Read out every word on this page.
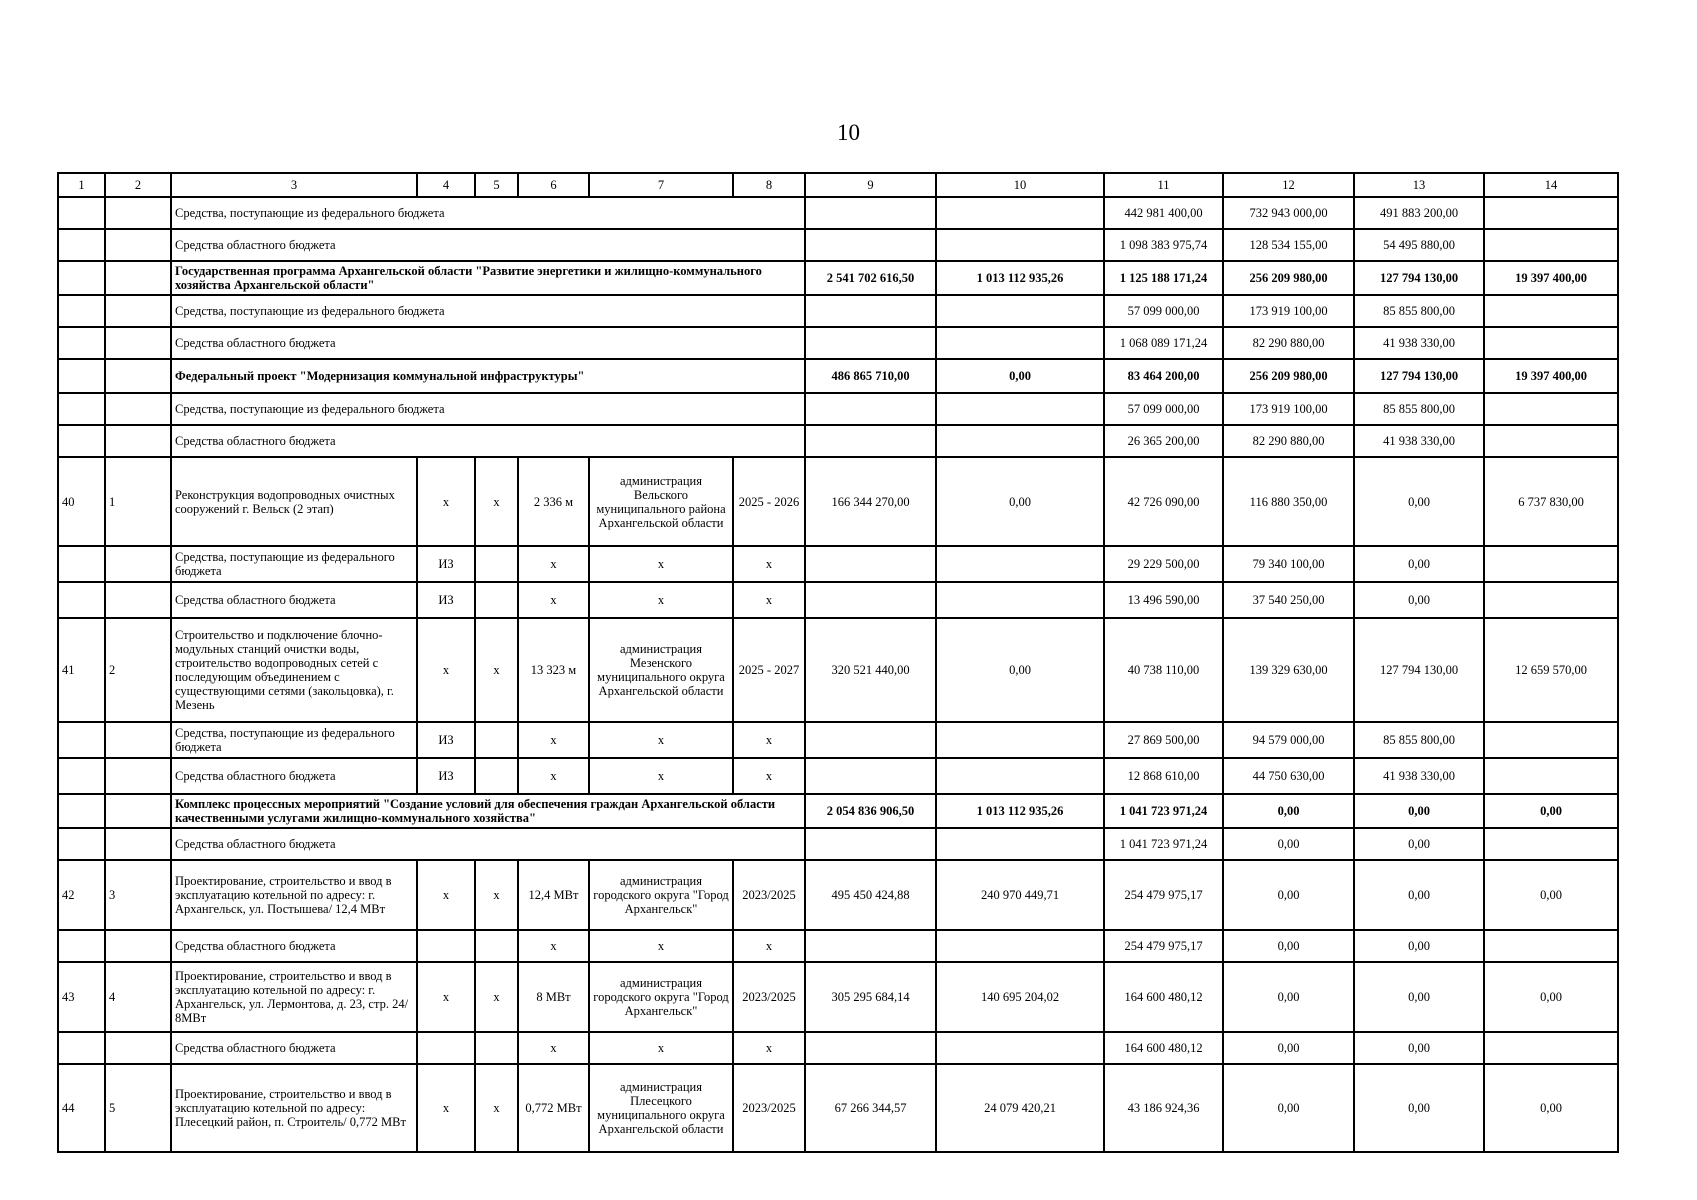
10
1	2	3	4	5	6	7	8	9	10	11	12	13	14
		Средства, поступающие из федерального бюджета								442 981 400,00	732 943 000,00	491 883 200,00	
		Средства областного бюджета								1 098 383 975,74	128 534 155,00	54 495 880,00	
		Государственная программа Архангельской области "Развитие энергетики и жилищно-коммунального хозяйства Архангельской области"						2 541 702 616,50	1 013 112 935,26	1 125 188 171,24	256 209 980,00	127 794 130,00	19 397 400,00
		Средства, поступающие из федерального бюджета								57 099 000,00	173 919 100,00	85 855 800,00	
		Средства областного бюджета								1 068 089 171,24	82 290 880,00	41 938 330,00	
		Федеральный проект "Модернизация коммунальной инфраструктуры"						486 865 710,00	0,00	83 464 200,00	256 209 980,00	127 794 130,00	19 397 400,00
		Средства, поступающие из федерального бюджета								57 099 000,00	173 919 100,00	85 855 800,00	
		Средства областного бюджета								26 365 200,00	82 290 880,00	41 938 330,00	
40	1	Реконструкция водопроводных очистных сооружений г. Вельск (2 этап)	x	x	2 336 м	администрация Вельского муниципального района Архангельской области	2025 - 2026	166 344 270,00	0,00	42 726 090,00	116 880 350,00	0,00	6 737 830,00
		Средства, поступающие из федерального бюджета	ИЗ		x	x	x			29 229 500,00	79 340 100,00	0,00	
		Средства областного бюджета	ИЗ		x	x	x			13 496 590,00	37 540 250,00	0,00	
41	2	Строительство и подключение блочно-модульных станций очистки воды, строительство водопроводных сетей с последующим объединением с существующими сетями (закольцовка), г. Мезень	x	x	13 323 м	администрация Мезенского муниципального округа Архангельской области	2025 - 2027	320 521 440,00	0,00	40 738 110,00	139 329 630,00	127 794 130,00	12 659 570,00
		Средства, поступающие из федерального бюджета	ИЗ		x	x	x			27 869 500,00	94 579 000,00	85 855 800,00	
		Средства областного бюджета	ИЗ		x	x	x			12 868 610,00	44 750 630,00	41 938 330,00	
		Комплекс процессных мероприятий "Создание условий для обеспечения граждан Архангельской области качественными услугами жилищно-коммунального хозяйства"						2 054 836 906,50	1 013 112 935,26	1 041 723 971,24	0,00	0,00	0,00
		Средства областного бюджета								1 041 723 971,24	0,00	0,00	
42	3	Проектирование, строительство и ввод в эксплуатацию котельной по адресу: г. Архангельск, ул. Постышева/ 12,4 МВт	x	x	12,4 МВт	администрация городского округа "Город Архангельск"	2023/2025	495 450 424,88	240 970 449,71	254 479 975,17	0,00	0,00	0,00
		Средства областного бюджета			x	x	x			254 479 975,17	0,00	0,00	
43	4	Проектирование, строительство и ввод в эксплуатацию котельной по адресу: г. Архангельск, ул. Лермонтова, д. 23, стр. 24/ 8МВт	x	x	8 МВт	администрация городского округа "Город Архангельск"	2023/2025	305 295 684,14	140 695 204,02	164 600 480,12	0,00	0,00	0,00
		Средства областного бюджета			x	x	x			164 600 480,12	0,00	0,00	
44	5	Проектирование, строительство и ввод в эксплуатацию котельной по адресу: Плесецкий район, п. Строитель/ 0,772 МВт	x	x	0,772 МВт	администрация Плесецкого муниципального округа Архангельской области	2023/2025	67 266 344,57	24 079 420,21	43 186 924,36	0,00	0,00	0,00
